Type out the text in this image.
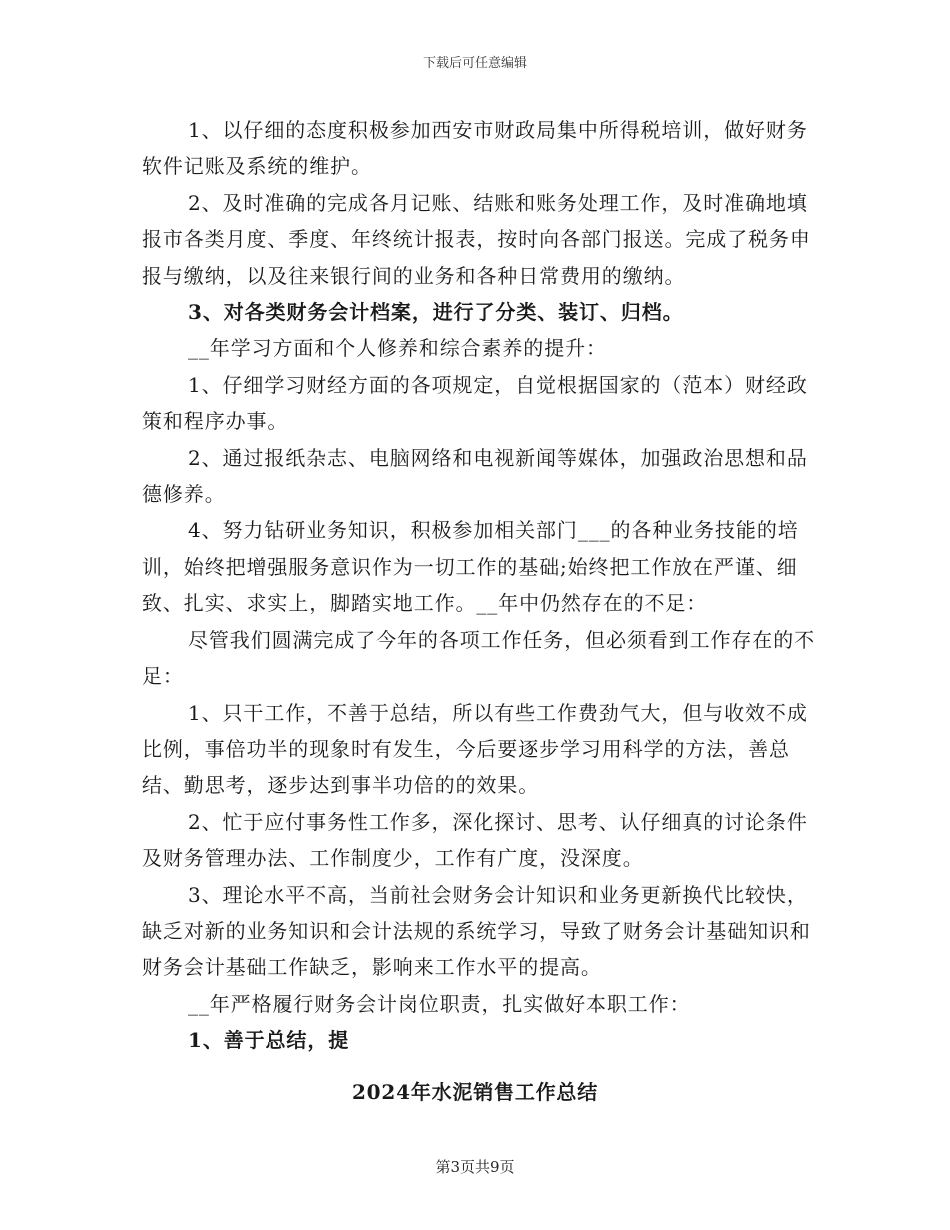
下载后可任意编辑

1、以仔细的态度积极参加西安市财政局集中所得税培训，做好财务软件记账及系统的维护。

2、及时准确的完成各月记账、结账和账务处理工作，及时准确地填报市各类月度、季度、年终统计报表，按时向各部门报送。完成了税务申报与缴纳，以及往来银行间的业务和各种日常费用的缴纳。

3、对各类财务会计档案，进行了分类、装订、归档。

__年学习方面和个人修养和综合素养的提升：

1、仔细学习财经方面的各项规定，自觉根据国家的（范本）财经政策和程序办事。

2、通过报纸杂志、电脑网络和电视新闻等媒体，加强政治思想和品德修养。

4、努力钻研业务知识，积极参加相关部门___的各种业务技能的培训，始终把增强服务意识作为一切工作的基础;始终把工作放在严谨、细致、扎实、求实上，脚踏实地工作。__年中仍然存在的不足：

尽管我们圆满完成了今年的各项工作任务，但必须看到工作存在的不足：

1、只干工作，不善于总结，所以有些工作费劲气大，但与收效不成比例，事倍功半的现象时有发生，今后要逐步学习用科学的方法，善总结、勤思考，逐步达到事半功倍的的效果。

2、忙于应付事务性工作多，深化探讨、思考、认仔细真的讨论条件及财务管理办法、工作制度少，工作有广度，没深度。

3、理论水平不高，当前社会财务会计知识和业务更新换代比较快，缺乏对新的业务知识和会计法规的系统学习，导致了财务会计基础知识和财务会计基础工作缺乏，影响来工作水平的提高。

__年严格履行财务会计岗位职责，扎实做好本职工作：

1、善于总结，提

2024年水泥销售工作总结
第3页共9页
